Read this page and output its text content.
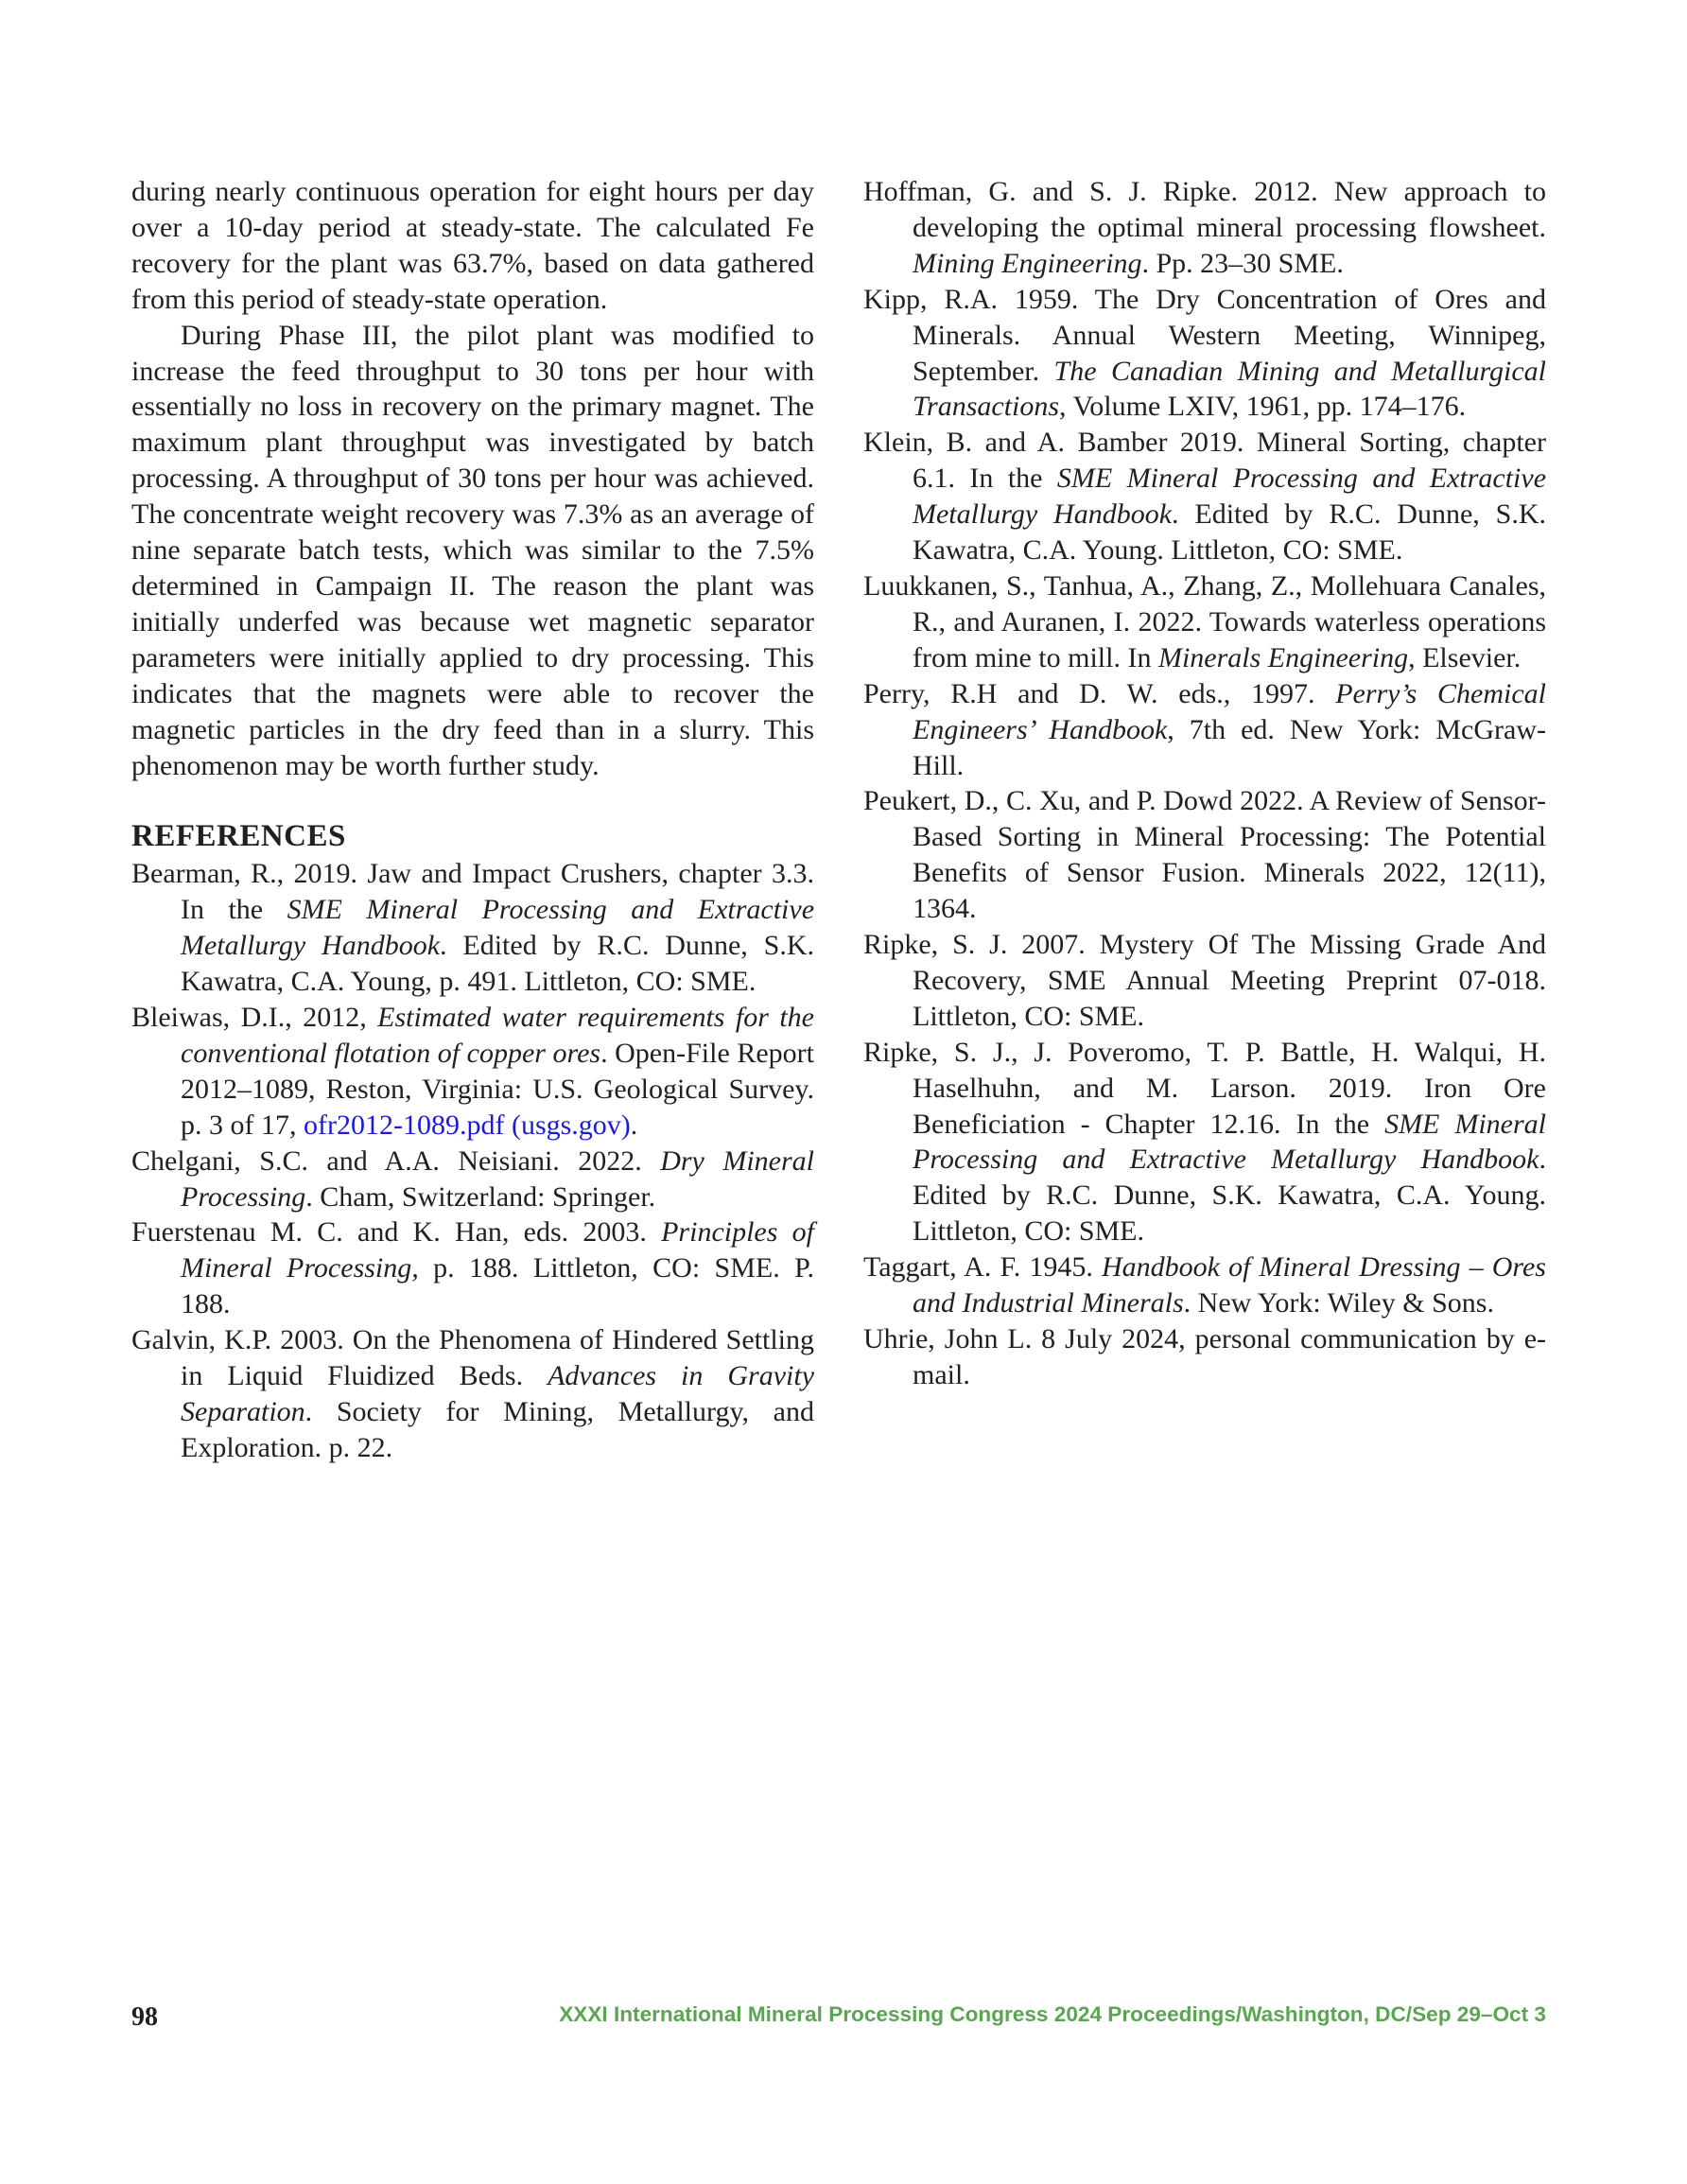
during nearly continuous operation for eight hours per day over a 10-day period at steady-state. The calculated Fe recovery for the plant was 63.7%, based on data gathered from this period of steady-state operation.

During Phase III, the pilot plant was modified to increase the feed throughput to 30 tons per hour with essentially no loss in recovery on the primary magnet. The maximum plant throughput was investigated by batch processing. A throughput of 30 tons per hour was achieved. The concentrate weight recovery was 7.3% as an average of nine separate batch tests, which was similar to the 7.5% determined in Campaign II. The reason the plant was initially underfed was because wet magnetic separator parameters were initially applied to dry processing. This indicates that the magnets were able to recover the magnetic particles in the dry feed than in a slurry. This phenomenon may be worth further study.

REFERENCES

Bearman, R., 2019. Jaw and Impact Crushers, chapter 3.3. In the SME Mineral Processing and Extractive Metallurgy Handbook. Edited by R.C. Dunne, S.K. Kawatra, C.A. Young, p. 491. Littleton, CO: SME.

Bleiwas, D.I., 2012, Estimated water requirements for the conventional flotation of copper ores. Open-File Report 2012–1089, Reston, Virginia: U.S. Geological Survey. p. 3 of 17, ofr2012-1089.pdf (usgs.gov).

Chelgani, S.C. and A.A. Neisiani. 2022. Dry Mineral Processing. Cham, Switzerland: Springer.

Fuerstenau M. C. and K. Han, eds. 2003. Principles of Mineral Processing, p. 188. Littleton, CO: SME. P. 188.

Galvin, K.P. 2003. On the Phenomena of Hindered Settling in Liquid Fluidized Beds. Advances in Gravity Separation. Society for Mining, Metallurgy, and Exploration. p. 22.

Hoffman, G. and S. J. Ripke. 2012. New approach to developing the optimal mineral processing flowsheet. Mining Engineering. Pp. 23–30 SME.

Kipp, R.A. 1959. The Dry Concentration of Ores and Minerals. Annual Western Meeting, Winnipeg, September. The Canadian Mining and Metallurgical Transactions, Volume LXIV, 1961, pp. 174–176.

Klein, B. and A. Bamber 2019. Mineral Sorting, chapter 6.1. In the SME Mineral Processing and Extractive Metallurgy Handbook. Edited by R.C. Dunne, S.K. Kawatra, C.A. Young. Littleton, CO: SME.

Luukkanen, S., Tanhua, A., Zhang, Z., Mollehuara Canales, R., and Auranen, I. 2022. Towards waterless operations from mine to mill. In Minerals Engineering, Elsevier.

Perry, R.H and D. W. eds., 1997. Perry’s Chemical Engineers’ Handbook, 7th ed. New York: McGraw-Hill.

Peukert, D., C. Xu, and P. Dowd 2022. A Review of Sensor-Based Sorting in Mineral Processing: The Potential Benefits of Sensor Fusion. Minerals 2022, 12(11), 1364.

Ripke, S. J. 2007. Mystery Of The Missing Grade And Recovery, SME Annual Meeting Preprint 07-018. Littleton, CO: SME.

Ripke, S. J., J. Poveromo, T. P. Battle, H. Walqui, H. Haselhuhn, and M. Larson. 2019. Iron Ore Beneficiation - Chapter 12.16. In the SME Mineral Processing and Extractive Metallurgy Handbook. Edited by R.C. Dunne, S.K. Kawatra, C.A. Young. Littleton, CO: SME.

Taggart, A. F. 1945. Handbook of Mineral Dressing – Ores and Industrial Minerals. New York: Wiley & Sons.

Uhrie, John L. 8 July 2024, personal communication by e-mail.

98	XXXI International Mineral Processing Congress 2024 Proceedings/Washington, DC/Sep 29–Oct 3
